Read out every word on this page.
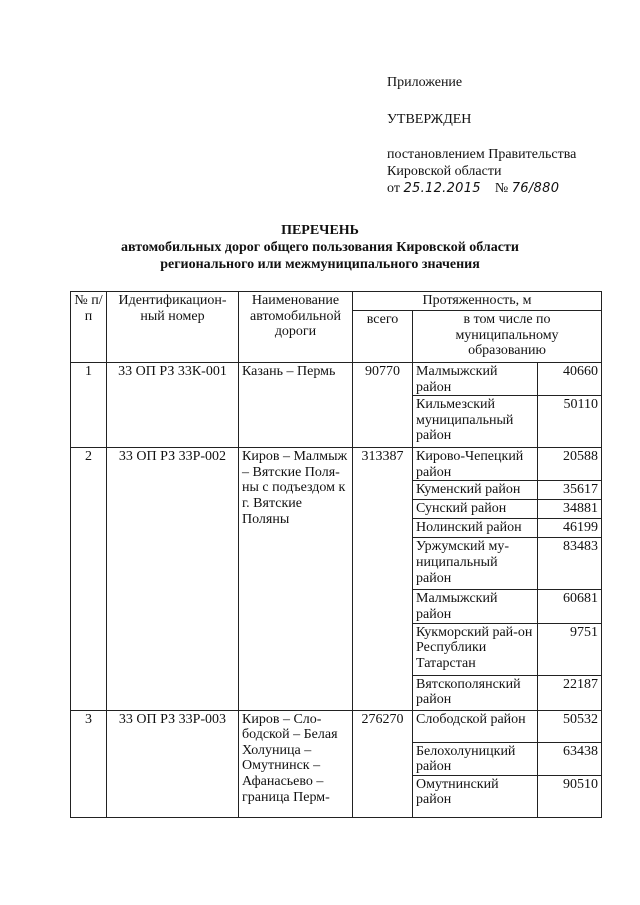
Приложение
УТВЕРЖДЕН
постановлением Правительства
Кировской области
от 25.12.2015 № 76/880
ПЕРЕЧЕНЬ
автомобильных дорог общего пользования Кировской области
регионального или межмуниципального значения
№ п/п	Идентификацион-ный номер	Наименование автомобильной дороги	Протяженность, м		
			всего	в том числе по муниципальному образованию	
1	33 ОП РЗ 33К-001	Казань – Пермь	90770	Малмыжский район	40660
				Кильмезский муниципальный район	50110
2	33 ОП РЗ 33Р-002	Киров – Малмыж – Вятские Поля-ны с подъездом к г. Вятские Поляны	313387	Кирово-Чепецкий район	20588
				Куменский район	35617
				Сунский район	34881
				Нолинский район	46199
				Уржумский му-ниципальный район	83483
				Малмыжский район	60681
				Кукморский рай-он Республики Татарстан	9751
				Вятскополянский район	22187
3	33 ОП РЗ 33Р-003	Киров – Сло-бодской – Белая Холуница – Омутнинск – Афанасьево – граница Перм-	276270	Слободской район	50532
				Белохолуницкий район	63438
				Омутнинский район	90510
